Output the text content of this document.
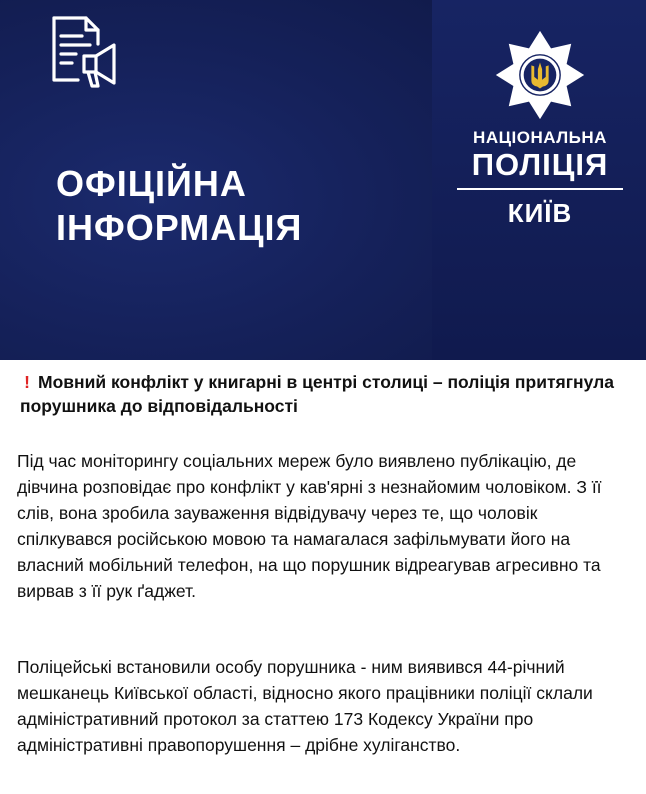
ОФІЦІЙНА
ІНФОРМАЦІЯ
НАЦІОНАЛЬНА
ПОЛІЦІЯ
КИЇВ
! Мовний конфлікт у книгарні в центрі столиці – поліція притягнула порушника до відповідальності
Під час моніторингу соціальних мереж було виявлено публікацію, де дівчина розповідає про конфлікт у кав'ярні з незнайомим чоловіком. З її слів, вона зробила зауваження відвідувачу через те, що чоловік спілкувався російською мовою та намагалася зафільмувати його на власний мобільний телефон, на що порушник відреагував агресивно та вирвав з її рук ґаджет.
Поліцейські встановили особу порушника - ним виявився 44-річний мешканець Київської області, відносно якого працівники поліції склали адміністративний протокол за статтею 173 Кодексу України про адміністративні правопорушення – дрібне хуліганство.
